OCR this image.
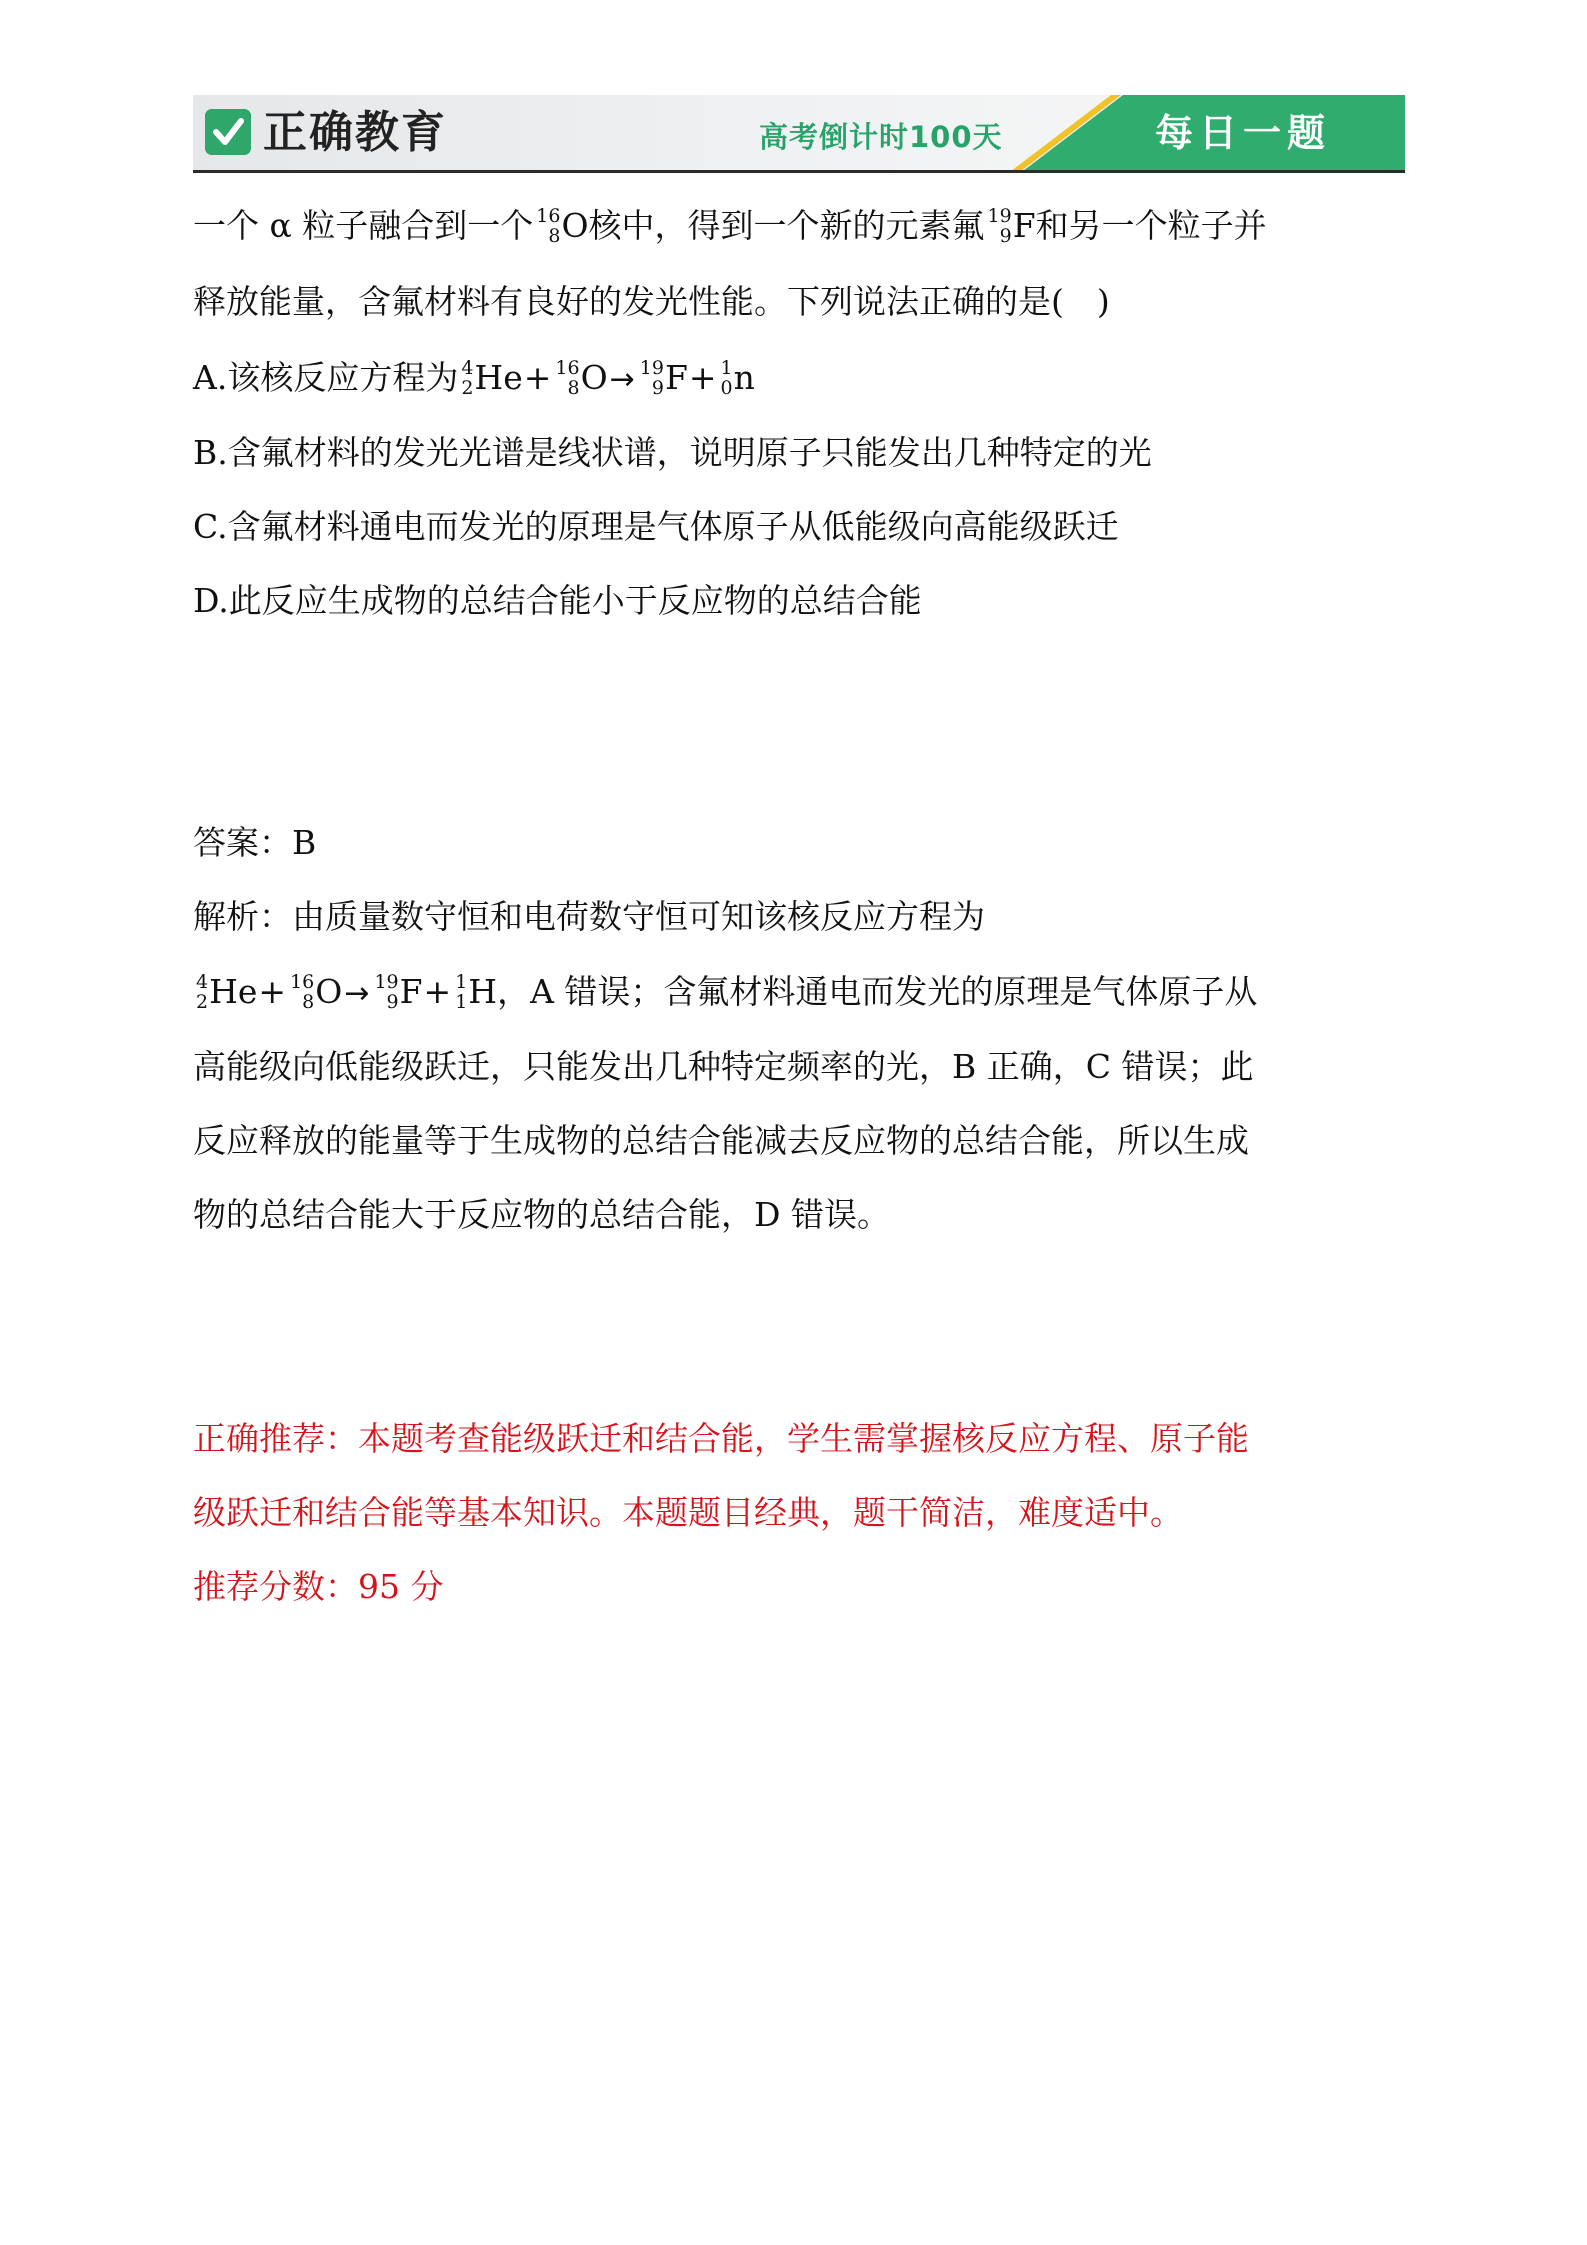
正确教育	高考倒计时100天	每日一题
一个 α 粒子融合到一个 16
8 O核中，得到一个新的元素氟 19
9 F和另一个粒子并
释放能量，含氟材料有良好的发光性能。下列说法正确的是(　)
A.该核反应方程为 4
2 He+ 16
8 O→ 19
9 F+ 1
0 n
B.含氟材料的发光光谱是线状谱，说明原子只能发出几种特定的光
C.含氟材料通电而发光的原理是气体原子从低能级向高能级跃迁
D.此反应生成物的总结合能小于反应物的总结合能
答案：B
解析：由质量数守恒和电荷数守恒可知该核反应方程为
4
2 He+ 16
8 O→ 19
9 F+ 1
1 H，A 错误；含氟材料通电而发光的原理是气体原子从
高能级向低能级跃迁，只能发出几种特定频率的光，B 正确，C 错误；此
反应释放的能量等于生成物的总结合能减去反应物的总结合能，所以生成
物的总结合能大于反应物的总结合能，D 错误。
正确推荐：本题考查能级跃迁和结合能，学生需掌握核反应方程、原子能
级跃迁和结合能等基本知识。本题题目经典，题干简洁，难度适中。
推荐分数：95 分
